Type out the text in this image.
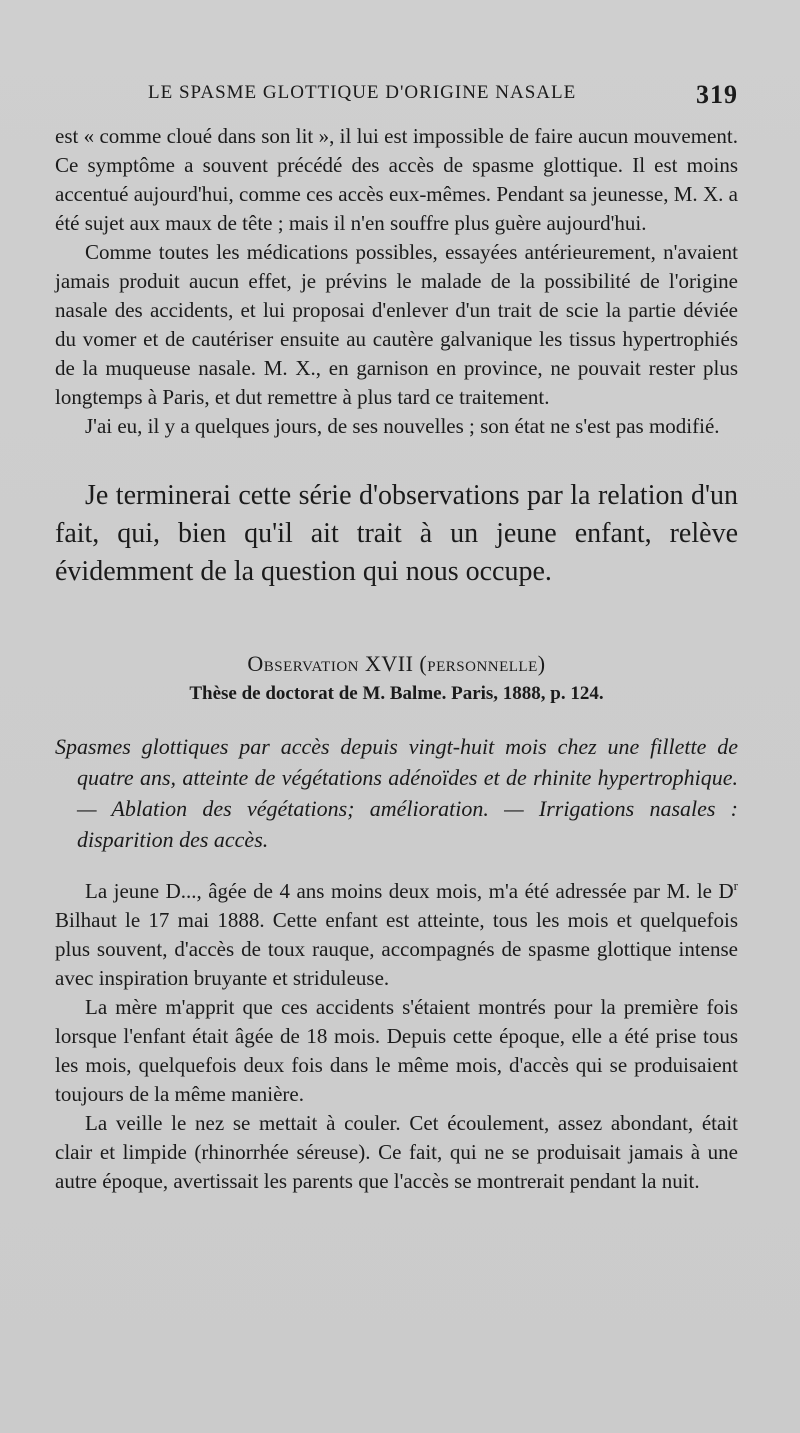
LE SPASME GLOTTIQUE D'ORIGINE NASALE	319

est « comme cloué dans son lit », il lui est impossible de faire aucun mouvement. Ce symptôme a souvent précédé des accès de spasme glottique. Il est moins accentué aujourd'hui, comme ces accès eux-mêmes. Pendant sa jeunesse, M. X. a été sujet aux maux de tête ; mais il n'en souffre plus guère aujourd'hui.

Comme toutes les médications possibles, essayées antérieurement, n'avaient jamais produit aucun effet, je prévins le malade de la possibilité de l'origine nasale des accidents, et lui proposai d'enlever d'un trait de scie la partie déviée du vomer et de cautériser ensuite au cautère galvanique les tissus hypertrophiés de la muqueuse nasale. M. X., en garnison en province, ne pouvait rester plus longtemps à Paris, et dut remettre à plus tard ce traitement.

J'ai eu, il y a quelques jours, de ses nouvelles ; son état ne s'est pas modifié.

Je terminerai cette série d'observations par la relation d'un fait, qui, bien qu'il ait trait à un jeune enfant, relève évidemment de la question qui nous occupe.

Observation XVII (personnelle)

Thèse de doctorat de M. Balme. Paris, 1888, p. 124.

Spasmes glottiques par accès depuis vingt-huit mois chez une fillette de quatre ans, atteinte de végétations adénoïdes et de rhinite hypertrophique.— Ablation des végétations; amélioration. — Irrigations nasales : disparition des accès.

La jeune D..., âgée de 4 ans moins deux mois, m'a été adressée par M. le $D^r$ Bilhaut le 17 mai 1888. Cette enfant est atteinte, tous les mois et quelquefois plus souvent, d'accès de toux rauque, accompagnés de spasme glottique intense avec inspiration bruyante et striduleuse.

La mère m'apprit que ces accidents s'étaient montrés pour la première fois lorsque l'enfant était âgée de 18 mois. Depuis cette époque, elle a été prise tous les mois, quelquefois deux fois dans le même mois, d'accès qui se produisaient toujours de la même manière.

La veille le nez se mettait à couler. Cet écoulement, assez abondant, était clair et limpide (rhinorrhée séreuse). Ce fait, qui ne se produisait jamais à une autre époque, avertissait les parents que l'accès se montrerait pendant la nuit.
